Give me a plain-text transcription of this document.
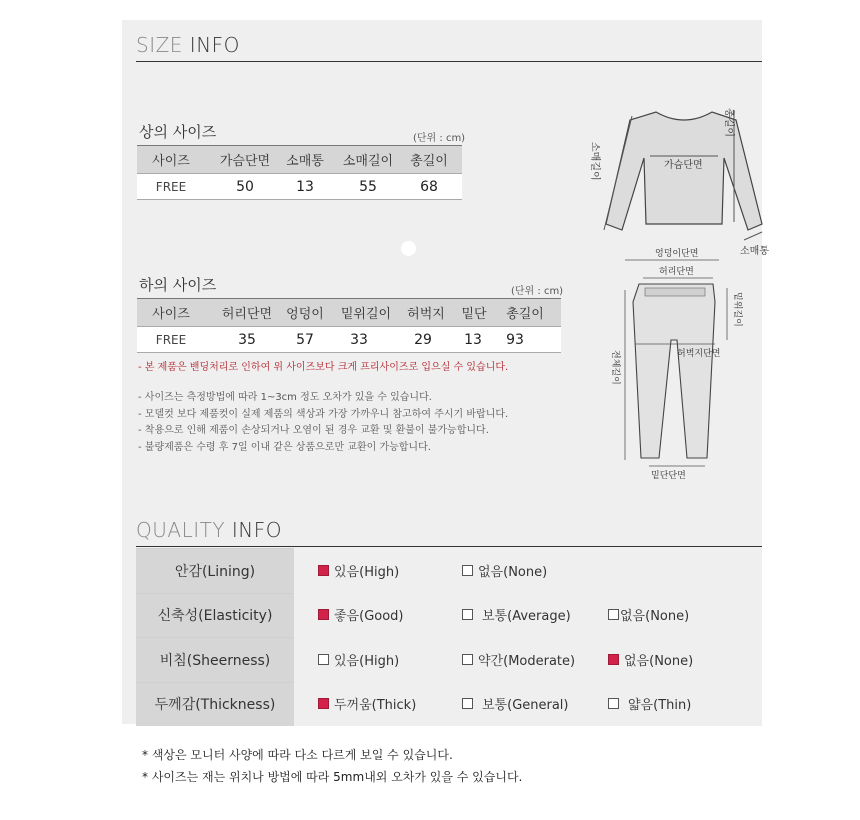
SIZE INFO
상의 사이즈	(단위 : cm)
사이즈	가슴단면	소매통	소매길이	총길이
FREE	50	13	55	68
가슴단면
소매길이
총길이
소매통
하의 사이즈	(단위 : cm)
사이즈	허리단면	엉덩이	밑위길이	허벅지	밑단	총길이
FREE	35	57	33	29	13	93
엉덩이단면
허리단면
전체길이
밑위길이
허벅지단면
밑단단면
- 본 제품은 밴딩처리로 인하여 위 사이즈보다 크게 프리사이즈로 입으실 수 있습니다.
- 사이즈는 측정방법에 따라 1~3cm 정도 오차가 있을 수 있습니다.
- 모델컷 보다 제품컷이 실제 제품의 색상과 가장 가까우니 참고하여 주시기 바랍니다.
- 착용으로 인해 제품이 손상되거나 오염이 된 경우 교환 및 환불이 불가능합니다.
- 불량제품은 수령 후 7일 이내 같은 상품으로만 교환이 가능합니다.
QUALITY INFO
안감(Lining)	있음(High)	없음(None)
신축성(Elasticity)	좋음(Good)	보통(Average)	없음(None)
비침(Sheerness)	있음(High)	약간(Moderate)	없음(None)
두께감(Thickness)	두꺼움(Thick)	보통(General)	얇음(Thin)
* 색상은 모니터 사양에 따라 다소 다르게 보일 수 있습니다.
* 사이즈는 재는 위치나 방법에 따라 5mm내외 오차가 있을 수 있습니다.
